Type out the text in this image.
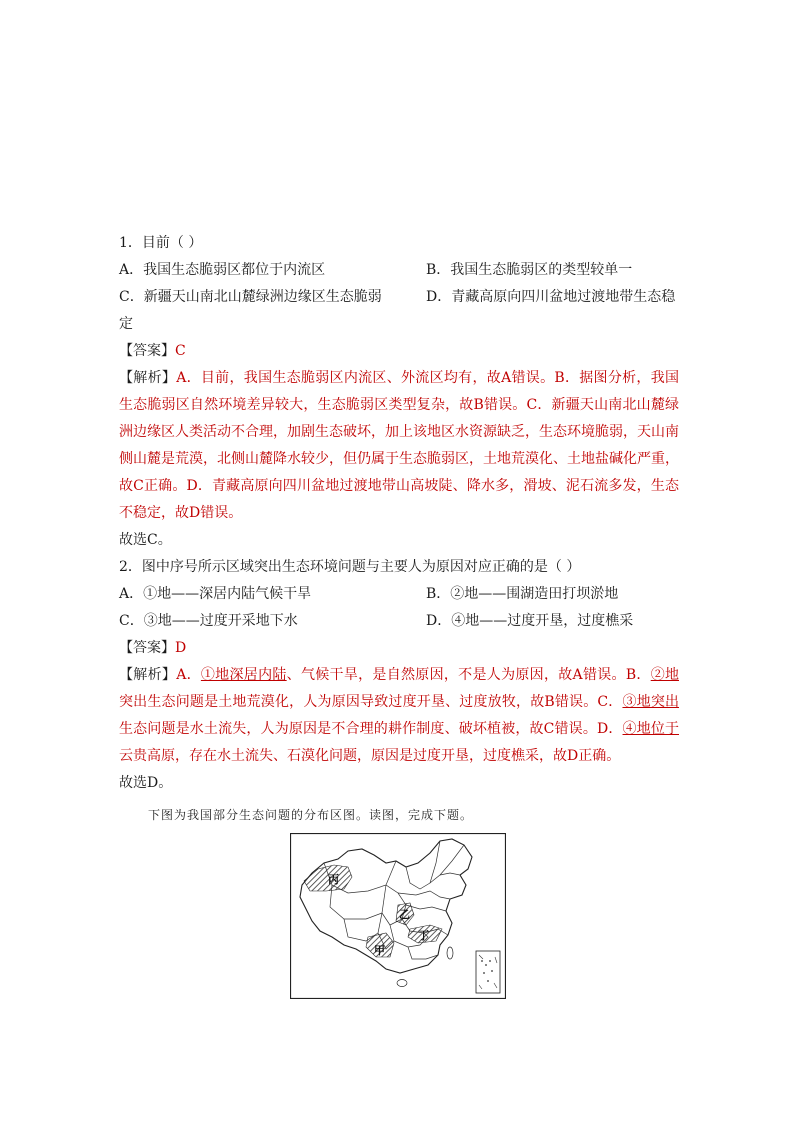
1．目前（ ）
A．我国生态脆弱区都位于内流区	B．我国生态脆弱区的类型较单一
C．新疆天山南北山麓绿洲边缘区生态脆弱	D．青藏高原向四川盆地过渡地带生态稳
定
【答案】C
【解析】A．目前，我国生态脆弱区内流区、外流区均有，故A错误。B．据图分析，我国生态脆弱区自然环境差异较大，生态脆弱区类型复杂，故B错误。C．新疆天山南北山麓绿洲边缘区人类活动不合理，加剧生态破坏，加上该地区水资源缺乏，生态环境脆弱，天山南侧山麓是荒漠，北侧山麓降水较少，但仍属于生态脆弱区，土地荒漠化、土地盐碱化严重，故C正确。D．青藏高原向四川盆地过渡地带山高坡陡、降水多，滑坡、泥石流多发，生态不稳定，故D错误。
故选C。
2．图中序号所示区域突出生态环境问题与主要人为原因对应正确的是（ ）
A．①地——深居内陆气候干旱	B．②地——围湖造田打坝淤地
C．③地——过度开采地下水	D．④地——过度开垦，过度樵采
【答案】D
【解析】A．①地深居内陆、气候干旱，是自然原因，不是人为原因，故A错误。B．②地突出生态问题是土地荒漠化，人为原因导致过度开垦、过度放牧，故B错误。C．③地突出生态问题是水土流失，人为原因是不合理的耕作制度、破坏植被，故C错误。D．④地位于云贵高原，存在水土流失、石漠化问题，原因是过度开垦，过度樵采，故D正确。
故选D。
下图为我国部分生态问题的分布区图。读图，完成下题。
丙
乙
丁
甲
